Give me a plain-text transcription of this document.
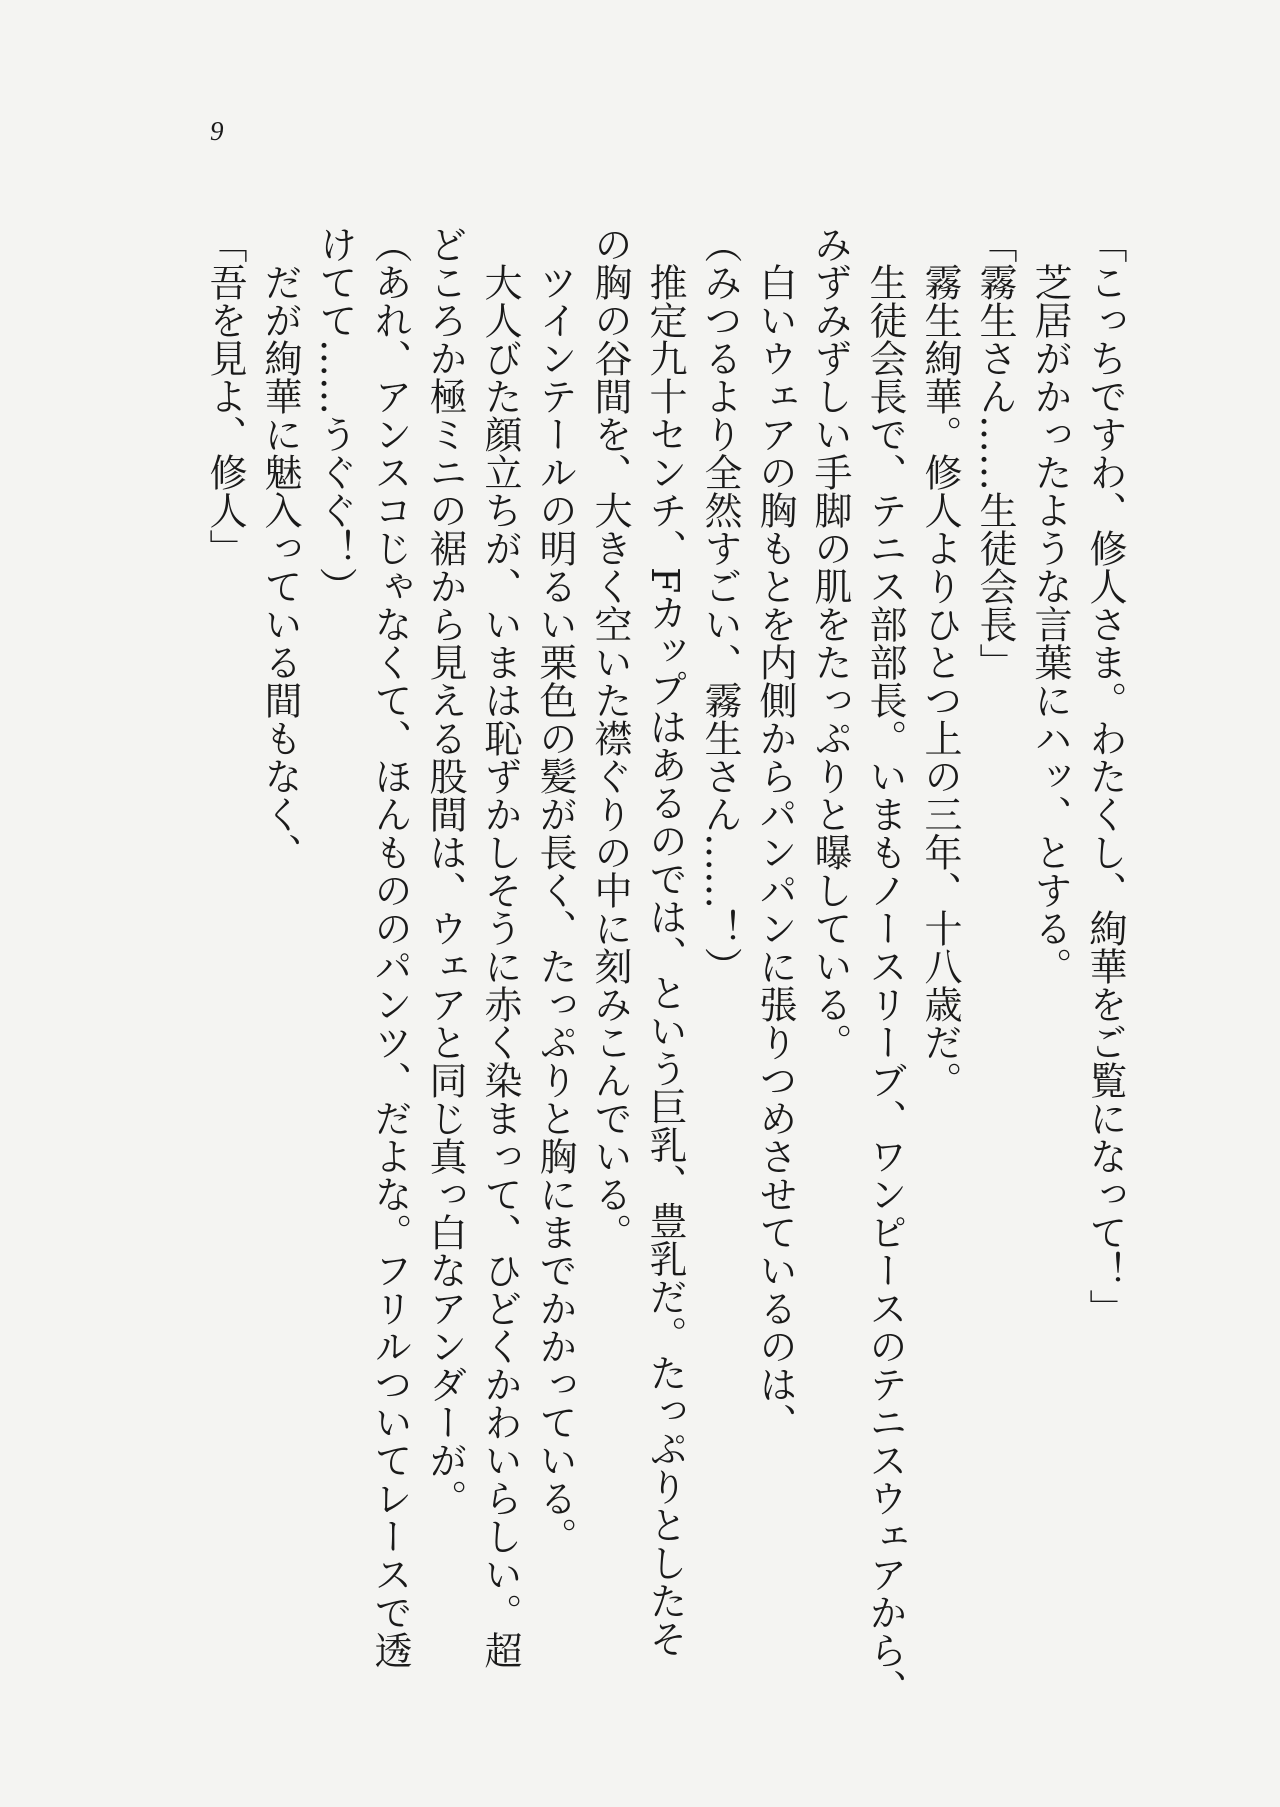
9
「こっちですわ、修人さま。わたくし、絢華をご覧になって！」
芝居がかったような言葉にハッ、とする。
「霧生さん……生徒会長」
霧生絢華。修人よりひとつ上の三年、十八歳だ。
生徒会長で、テニス部部長。いまもノースリーブ、ワンピースのテニスウェアから、
みずみずしい手脚の肌をたっぷりと曝している。
白いウェアの胸もとを内側からパンパンに張りつめさせているのは、
（みつるより全然すごい、霧生さん……！）
推定九十センチ、Fカップはあるのでは、という巨乳、豊乳だ。たっぷりとしたそ
の胸の谷間を、大きく空いた襟ぐりの中に刻みこんでいる。
ツインテールの明るい栗色の髪が長く、たっぷりと胸にまでかかっている。
大人びた顔立ちが、いまは恥ずかしそうに赤く染まって、ひどくかわいらしい。超
どころか極ミニの裾から見える股間は、ウェアと同じ真っ白なアンダーが。
（あれ、アンスコじゃなくて、ほんもののパンツ、だよな。フリルついてレースで透
けてて……うぐぐ！）
だが絢華に魅入っている間もなく、
「吾を見よ、修人」
